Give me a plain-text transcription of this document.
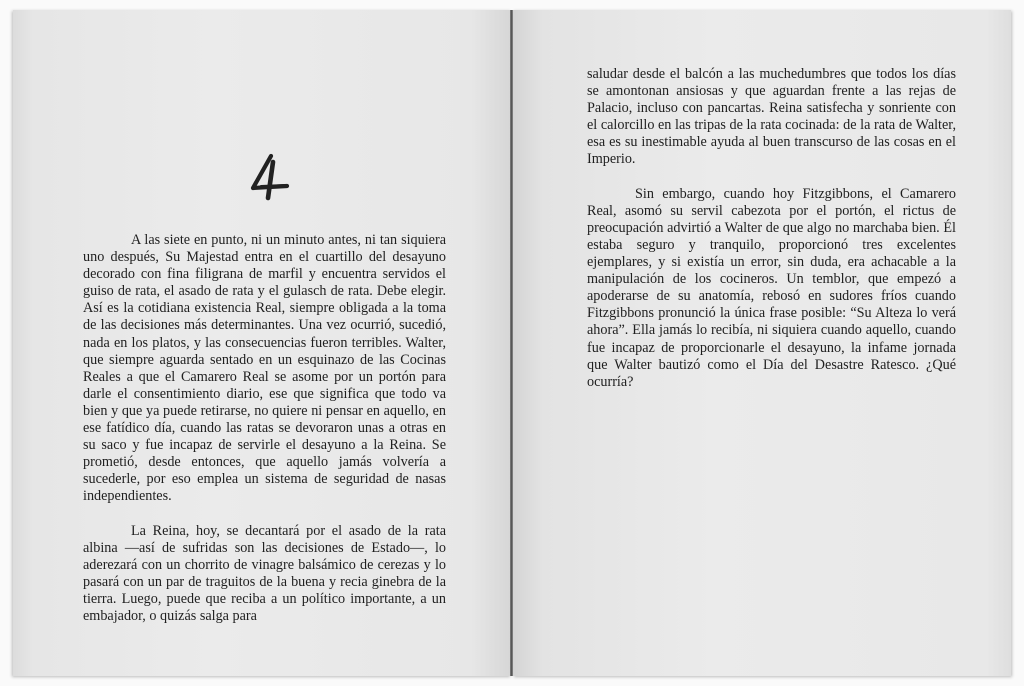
A las siete en punto, ni un minuto antes, ni tan siquiera uno después, Su Majestad entra en el cuartillo del desayuno decorado con fina filigrana de marfil y encuentra servidos el guiso de rata, el asado de rata y el gulasch de rata. Debe elegir. Así es la cotidiana existencia Real, siempre obligada a la toma de las decisiones más determinantes. Una vez ocurrió, sucedió, nada en los platos, y las consecuencias fueron terribles. Walter, que siempre aguarda sentado en un esquinazo de las Cocinas Reales a que el Camarero Real se asome por un portón para darle el consentimiento diario, ese que significa que todo va bien y que ya puede retirarse, no quiere ni pensar en aquello, en ese fatídico día, cuando las ratas se devoraron unas a otras en su saco y fue incapaz de servirle el desayuno a la Reina. Se prometió, desde entonces, que aquello jamás volvería a sucederle, por eso emplea un sistema de seguridad de nasas independientes.

La Reina, hoy, se decantará por el asado de la rata albina —así de sufridas son las decisiones de Estado—, lo aderezará con un chorrito de vinagre balsámico de cerezas y lo pasará con un par de traguitos de la buena y recia ginebra de la tierra. Luego, puede que reciba a un político importante, a un embajador, o quizás salga para

saludar desde el balcón a las muchedumbres que todos los días se amontonan ansiosas y que aguardan frente a las rejas de Palacio, incluso con pancartas. Reina satisfecha y sonriente con el calorcillo en las tripas de la rata cocinada: de la rata de Walter, esa es su inestimable ayuda al buen transcurso de las cosas en el Imperio.

Sin embargo, cuando hoy Fitzgibbons, el Camarero Real, asomó su servil cabezota por el portón, el rictus de preocupación advirtió a Walter de que algo no marchaba bien. Él estaba seguro y tranquilo, proporcionó tres excelentes ejemplares, y si existía un error, sin duda, era achacable a la manipulación de los cocineros. Un temblor, que empezó a apoderarse de su anatomía, rebosó en sudores fríos cuando Fitzgibbons pronunció la única frase posible: “Su Alteza lo verá ahora”. Ella jamás lo recibía, ni siquiera cuando aquello, cuando fue incapaz de proporcionarle el desayuno, la infame jornada que Walter bautizó como el Día del Desastre Ratesco. ¿Qué ocurría?
